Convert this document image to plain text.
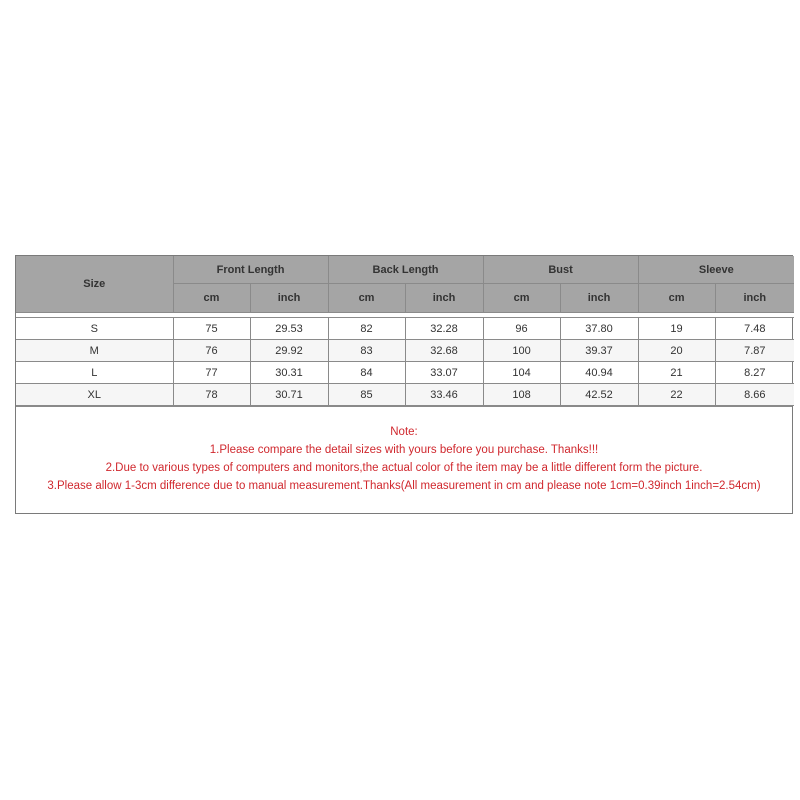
Size	Front Length		Back Length		Bust		Sleeve	
	cm	inch	cm	inch	cm	inch	cm	inch

S	75	29.53	82	32.28	96	37.80	19	7.48
M	76	29.92	83	32.68	100	39.37	20	7.87
L	77	30.31	84	33.07	104	40.94	21	8.27
XL	78	30.71	85	33.46	108	42.52	22	8.66
Note:
1.Please compare the detail sizes with yours before you purchase. Thanks!!!
2.Due to various types of computers and monitors,the actual color of the item may be a little different form the picture.
3.Please allow 1-3cm difference due to manual measurement.Thanks(All measurement in cm and please note 1cm=0.39inch 1inch=2.54cm)
